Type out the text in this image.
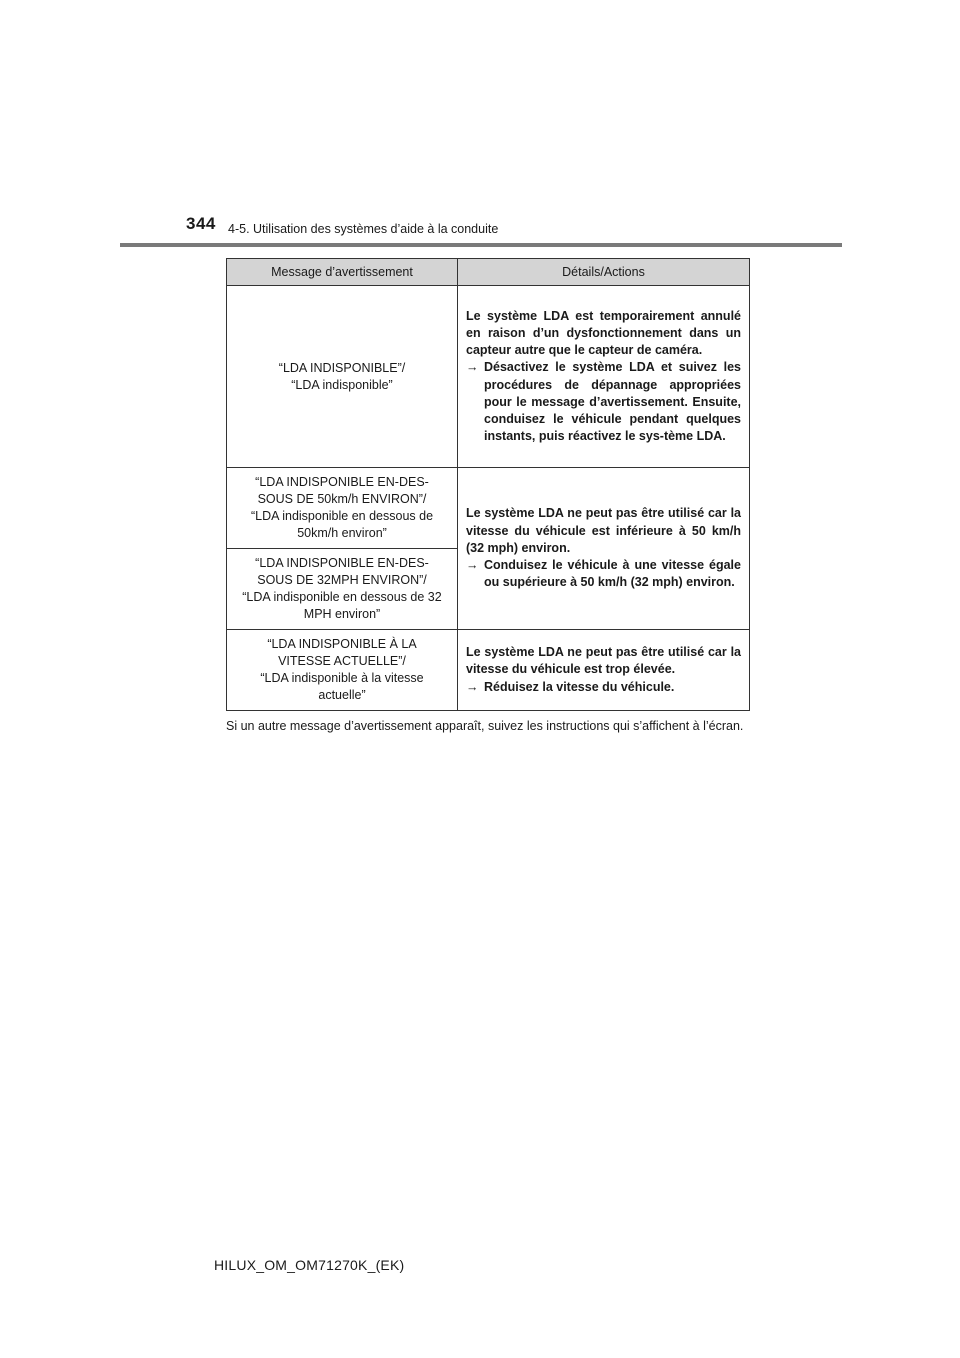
344 4-5. Utilisation des systèmes d’aide à la conduite
Message d’avertissement	Détails/Actions

“LDA INDISPONIBLE”/
“LDA indisponible”	Le système LDA est temporairement annulé en raison d’un dysfonctionnement dans un capteur autre que le capteur de caméra.
→ Désactivez le système LDA et suivez les procédures de dépannage appropriées pour le message d’avertissement. Ensuite, conduisez le véhicule pendant quelques instants, puis réactivez le sys-tème LDA.

“LDA INDISPONIBLE EN-DES-
SOUS DE 50km/h ENVIRON”/
“LDA indisponible en dessous de
50km/h environ”	Le système LDA ne peut pas être utilisé car la vitesse du véhicule est inférieure à 50 km/h (32 mph) environ.
→ Conduisez le véhicule à une vitesse égale ou supérieure à 50 km/h (32 mph) environ.

“LDA INDISPONIBLE EN-DES-
SOUS DE 32MPH ENVIRON”/
“LDA indisponible en dessous de 32
MPH environ”	

“LDA INDISPONIBLE À LA
VITESSE ACTUELLE”/
“LDA indisponible à la vitesse
actuelle”	Le système LDA ne peut pas être utilisé car la vitesse du véhicule est trop élevée.
→ Réduisez la vitesse du véhicule.
Si un autre message d’avertissement apparaît, suivez les instructions qui s’affichent à l’écran.
HILUX_OM_OM71270K_(EK)
